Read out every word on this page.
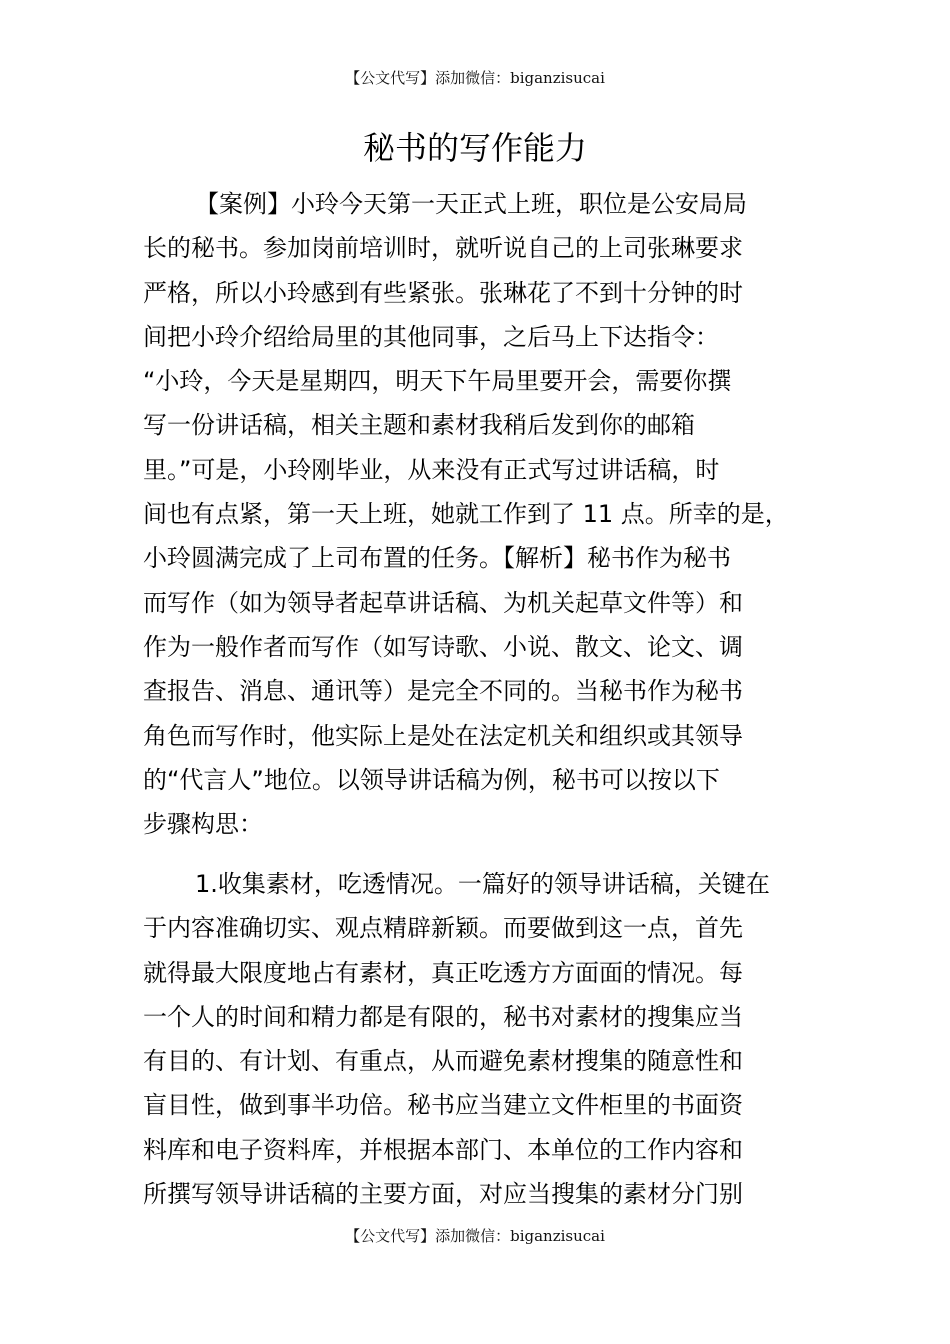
【公文代写】添加微信：biganzisucai
秘书的写作能力
【案例】小玲今天第一天正式上班，职位是公安局局
长的秘书。参加岗前培训时，就听说自己的上司张琳要求
严格，所以小玲感到有些紧张。张琳花了不到十分钟的时
间把小玲介绍给局里的其他同事，之后马上下达指令：
“小玲，今天是星期四，明天下午局里要开会，需要你撰
写一份讲话稿，相关主题和素材我稍后发到你的邮箱
里。”可是，小玲刚毕业，从来没有正式写过讲话稿，时
间也有点紧，第一天上班，她就工作到了 11 点。所幸的是，
小玲圆满完成了上司布置的任务。【解析】秘书作为秘书
而写作（如为领导者起草讲话稿、为机关起草文件等）和
作为一般作者而写作（如写诗歌、小说、散文、论文、调
查报告、消息、通讯等）是完全不同的。当秘书作为秘书
角色而写作时，他实际上是处在法定机关和组织或其领导
的“代言人”地位。以领导讲话稿为例，秘书可以按以下
步骤构思：
1.收集素材，吃透情况。一篇好的领导讲话稿，关键在
于内容准确切实、观点精辟新颖。而要做到这一点，首先
就得最大限度地占有素材，真正吃透方方面面的情况。每
一个人的时间和精力都是有限的，秘书对素材的搜集应当
有目的、有计划、有重点，从而避免素材搜集的随意性和
盲目性，做到事半功倍。秘书应当建立文件柜里的书面资
料库和电子资料库，并根据本部门、本单位的工作内容和
所撰写领导讲话稿的主要方面，对应当搜集的素材分门别
【公文代写】添加微信：biganzisucai
